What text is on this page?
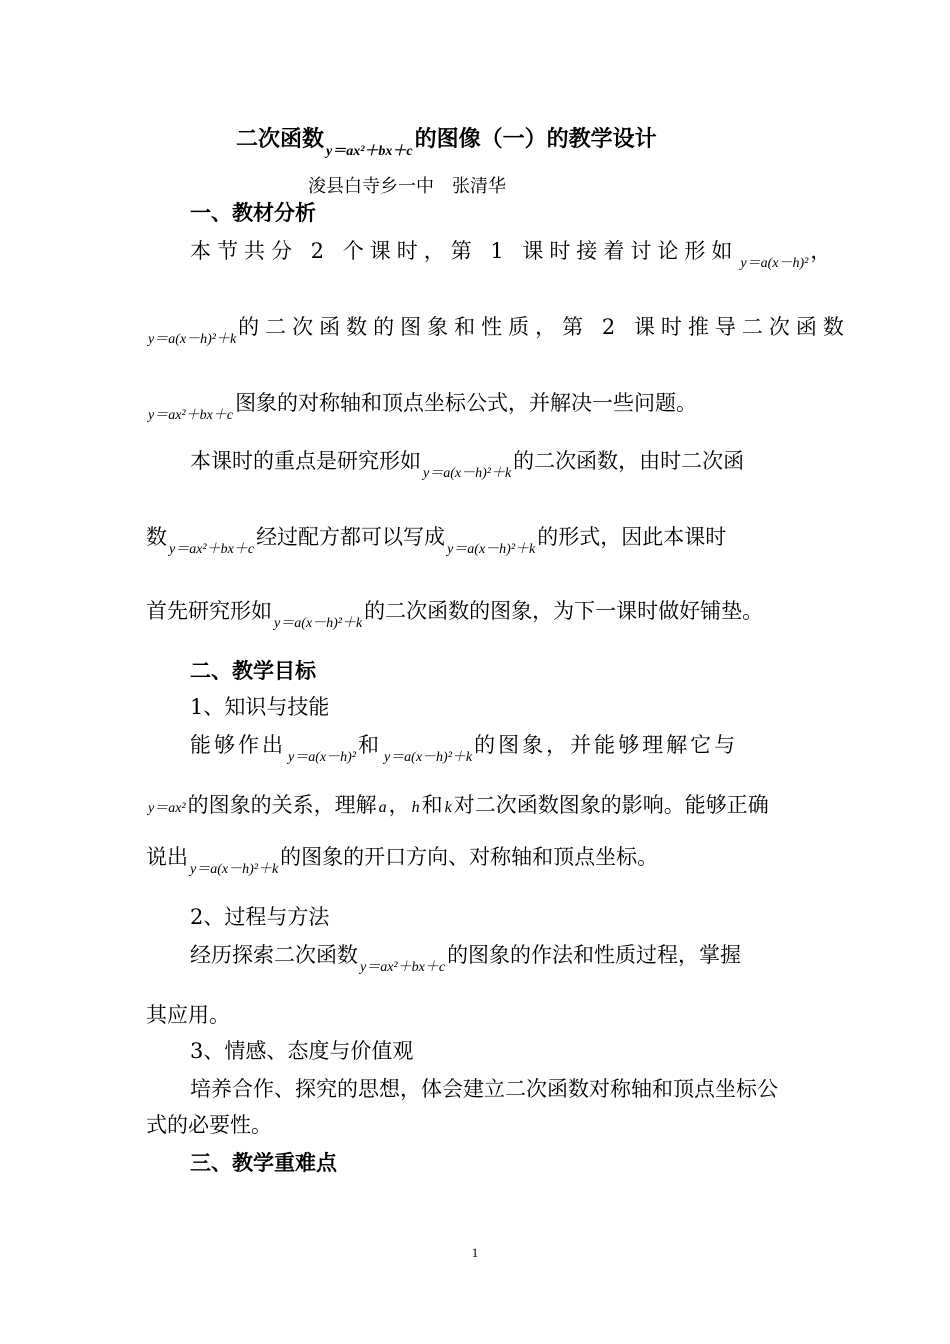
二次函数 $_{y=ax^2+bx+c}$的图像（一）的教学设计
浚县白寺乡一中　张清华
一、教材分析
本节共分 2 个课时，第 1 课时接着讨论形如$_{y=a(x-h)^2}$，
$_{y=a(x-h)^2+k}$的二次函数的图象和性质，第 2 课时推导二次函数
$_{y=ax^2+bx+c}$图象的对称轴和顶点坐标公式，并解决一些问题。
本课时的重点是研究形如$_{y=a(x-h)^2+k}$的二次函数，由时二次函
数$_{y=ax^2+bx+c}$经过配方都可以写成$_{y=a(x-h)^2+k}$的形式，因此本课时
首先研究形如$_{y=a(x-h)^2+k}$的二次函数的图象，为下一课时做好铺垫。
二、教学目标
1、知识与技能
能够作出$_{y=a(x-h)^2}$和$_{y=a(x-h)^2+k}$的图象，并能够理解它与
y＝ax²的图象的关系，理解 a， h和 k对二次函数图象的影响。能够正确
说出$_{y=a(x-h)^2+k}$的图象的开口方向、对称轴和顶点坐标。
2、过程与方法
经历探索二次函数$_{y=ax^2+bx+c}$的图象的作法和性质过程，掌握
其应用。
3、情感、态度与价值观
培养合作、探究的思想，体会建立二次函数对称轴和顶点坐标公
式的必要性。
三、教学重难点
1
